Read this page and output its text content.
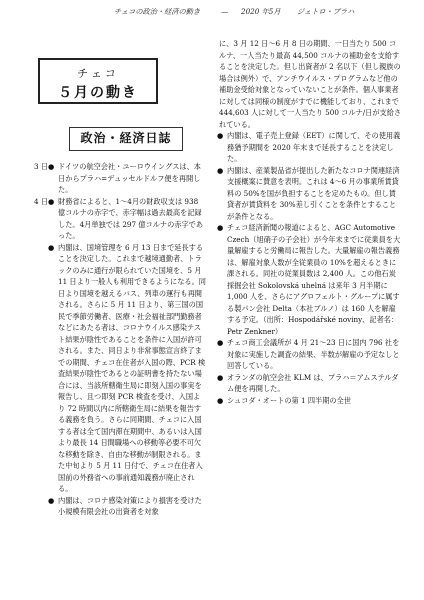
チェコの政治・経済の動き	— 2020 年5月 ジェトロ・プラハ
チェコ
５月の動き
政治・経済日誌
3 日 ● ドイツの航空会社・ユーロウイングスは、本日からプラハ=デュッセルドルフ便を再開した。
4 日 ● 財務省によると、1～4月の財政収支は 938 億コルナの赤字で、赤字幅は過去最高を記録した。4月単独では 297 億コルナの赤字であった。
● 内閣は、国境管理を 6 月 13 日まで延長することを決定した。これまで越境通勤者、トラックのみに通行が限られていた国境を、5 月 11 日より一般人も利用できるようになる。同日より国境を越えるバス、列車の運行も再開される。さらに 5 月 11 日より、第三国の国民で季節労働者、医療・社会福祉部門勤務者などにあたる者は、コロナウイルス感染テスト結果が陰性であることを条件に入国が許可される。また、同日より非常事態宣言終了までの期間、チェコ在住者が入国の際、PCR 検査結果が陰性であるとの証明書を持たない場合には、当該所轄衛生局に即刻入国の事実を報告し、且つ即刻 PCR 検査を受け、入国より 72 時間以内に所轄衛生局に結果を報告する義務を負う。さらに同期間、チェコに入国する者は全て国内滞在期間中、あるいは入国より最長 14 日間職場への移動等必要不可欠な移動を除き、自由な移動が制限される。また中旬より 5 月 11 日付で、チェコ在住者入国前の外務省への事前通知義務が廃止される。
● 内閣は、コロナ感染対策により損害を受けた小規模有限会社の出資者を対象

に、3 月 12 日～6 月 8 日の期間、一日当たり 500 コルナ、一人当たり最高 44,500 コルナの補助金を支給することを決定した。但し出資者が 2 名以下（但し親族の場合は例外）で、アンチウイルス・プログラムなど他の補助金受給対象となっていないことが条件。個人事業者に対しては同様の制度がすでに機能しており、これまで 444,603 人に対して一人当たり 500 コルナ/日が支給されている。

● 内閣は、電子売上登録（EET）に関して、その使用義務猶予期間を 2020 年末まで延長することを決定した。
● 内閣は、産業製品省が提出した新たなコロナ関連経済支援概案に賛意を表明。これは 4～6 月の事業所賃貸料の 50%を国が負担することを定めたもの。但し賃貸者が賃貸料を 30%差し引くことを条件とすることが条件となる。
● チェコ経済新聞の報道によると、AGC Automotive Czech（旭硝子の子会社）が今年末までに従業員を大量解雇すると労働局に報告した。大量解雇の報告義務は、解雇対象人数が全従業員の 10%を超えるときに課される。同社の従業員数は 2,400 人。この他石炭採掘会社 Sokolovská uhelná は来年 3 月半期に 1,000 人を、さらにアグロフェルト・グループに属する製パン会社 Delta（本社ブルノ）は 160 人を解雇する予定。（出所：Hospodářské noviny、記者名：Petr Zenkner）
● チェコ商工会議所が 4 月 21～23 日に国内 796 社を対象に実施した調査の結果、半数が解雇の予定なしと回答している。
● オランダの航空会社 KLM は、プラハ＝アムステルダム便を再開した。
● シュコダ・オートの第 1 四半期の全世
